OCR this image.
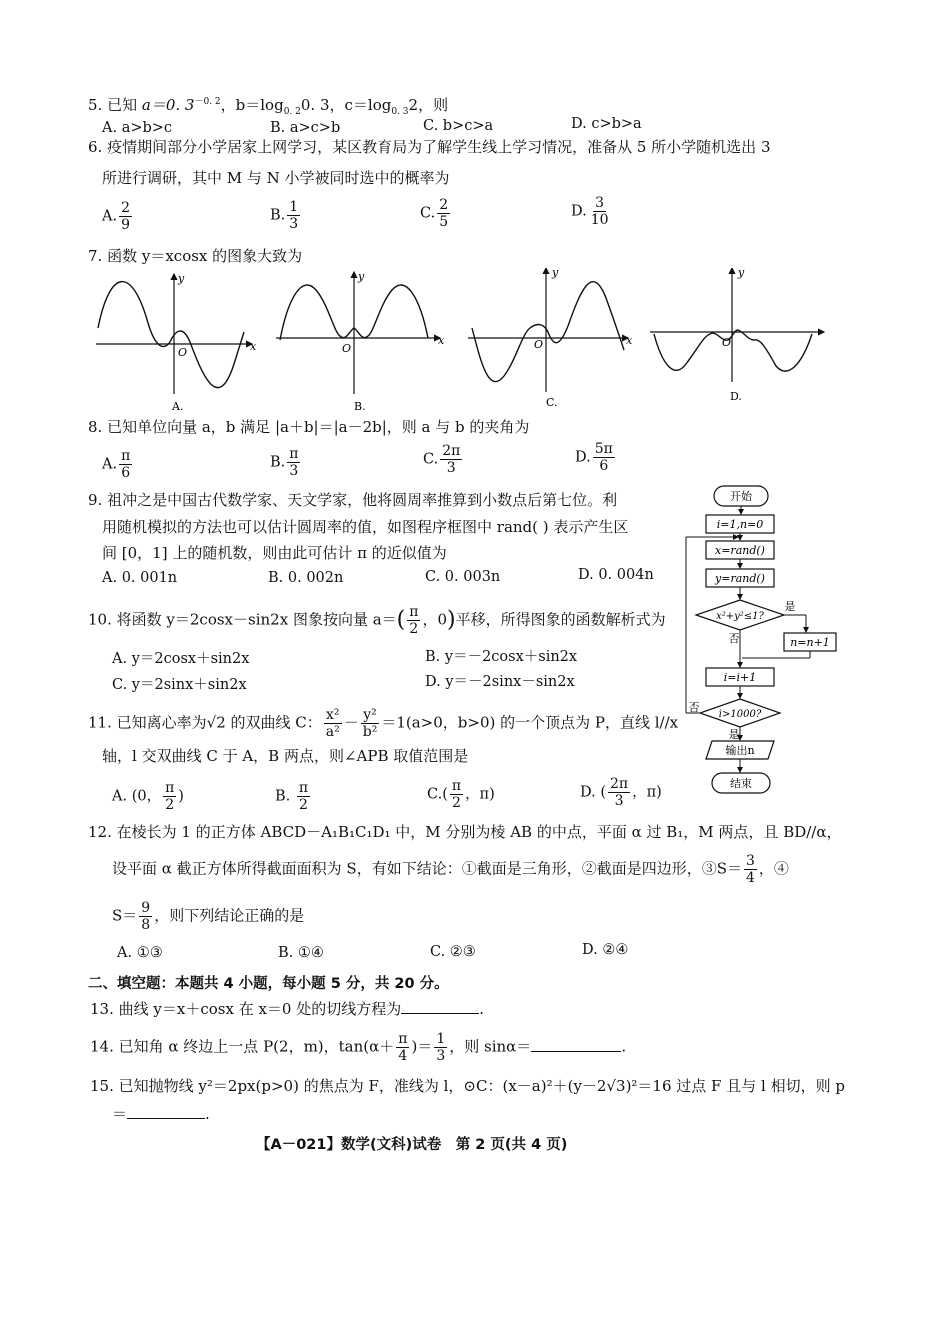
5. 已知 a＝0. $3^{-0. 2}$，$b=\log_{0. 2}0$. 3，$c=\log_{0. 3}2$，则
A. a>b>c	B. a>c>b	C. b>c>a	D. c>b>a
6. 疫情期间部分小学居家上网学习，某区教育局为了解学生线上学习情况，准备从 5 所小学随机选出 3
所进行调研，其中 M 与 N 小学被同时选中的概率为
A. $\frac{2}{9}$	B. $\frac{1}{3}$	C. $\frac{2}{5}$	D. $\frac{3}{10}$
7. 函数 y＝xcosx 的图象大致为
y
x
O
A.
y
x
O
B.
y
x
O
C.
y
O
D.
8. 已知单位向量 a，b 满足 |a＋b|＝|a－2b|，则 a 与 b 的夹角为
A. $\frac{\pi}{6}$	B. $\frac{\pi}{3}$	C. $\frac{2\pi}{3}$	D. $\frac{5\pi}{6}$
9. 祖冲之是中国古代数学家、天文学家，他将圆周率推算到小数点后第七位。利
用随机模拟的方法也可以估计圆周率的值，如图程序框图中 rand( ) 表示产生区
间 [0，1] 上的随机数，则由此可估计 π 的近似值为
A. 0. 001n	B. 0. 002n	C. 0. 003n	D. 0. 004n
开始
i=1,n=0
x=rand()
y=rand()
x²+y²≤1?
是
n=n+1
否
i=i+1
i>1000?
否
是
输出n
结束
10. 将函数 y＝2cosx－sin2x 图象按向量 $a=( \frac{\pi}{2}$ ，0)平移，所得图象的函数解析式为
A. y＝2cosx＋sin2x	B. y＝－2cosx＋sin2x
C. y＝2sinx＋sin2x	D. y＝－2sinx－sin2x
11. 已知离心率为√2 的双曲线 C： $\frac{\text{x²}}{\text{a²}} - \frac{\text{y²}}{\text{b²}} =1(a>0$，b>0) 的一个顶点为 P，直线 l//x
轴，l 交双曲线 C 于 A，B 两点，则∠APB 取值范围是
A. (0， $\frac{\pi}{2}$ )	B. $\frac{\pi}{2}$	$C.( \frac{\pi}{2}$ ，π)	D. ( $\frac{2\pi}{3}$ ，π)
12. 在棱长为 1 的正方体 ABCD－A₁B₁C₁D₁ 中，M 分别为棱 AB 的中点，平面 α 过 B₁，M 两点，且 BD//α，
设平面 α 截正方体所得截面面积为 S，有如下结论：①截面是三角形，②截面是四边形，③S＝ $\frac{3}{4}$ ，④
$S= \frac{9}{8}$ ，则下列结论正确的是
A. ①③	B. ①④	C. ②③	D. ②④
二、填空题：本题共 4 小题，每小题 5 分，共 20 分。
13. 曲线 y＝x＋cosx 在 x＝0 处的切线方程为	.
14. 已知角 α 终边上一点 P(2，m)，$\tan(\alpha+ \frac{\pi}{4}$ )＝ $\frac{1}{3}$ ，则 sinα＝	.
15. 已知抛物线 y²＝2px(p>0) 的焦点为 F，准线为 l，⊙C：(x－a)²＋(y－2√3)²＝16 过点 F 且与 l 相切，则 p
＝	.
【A－021】数学(文科)试卷　第 2 页(共 4 页)
